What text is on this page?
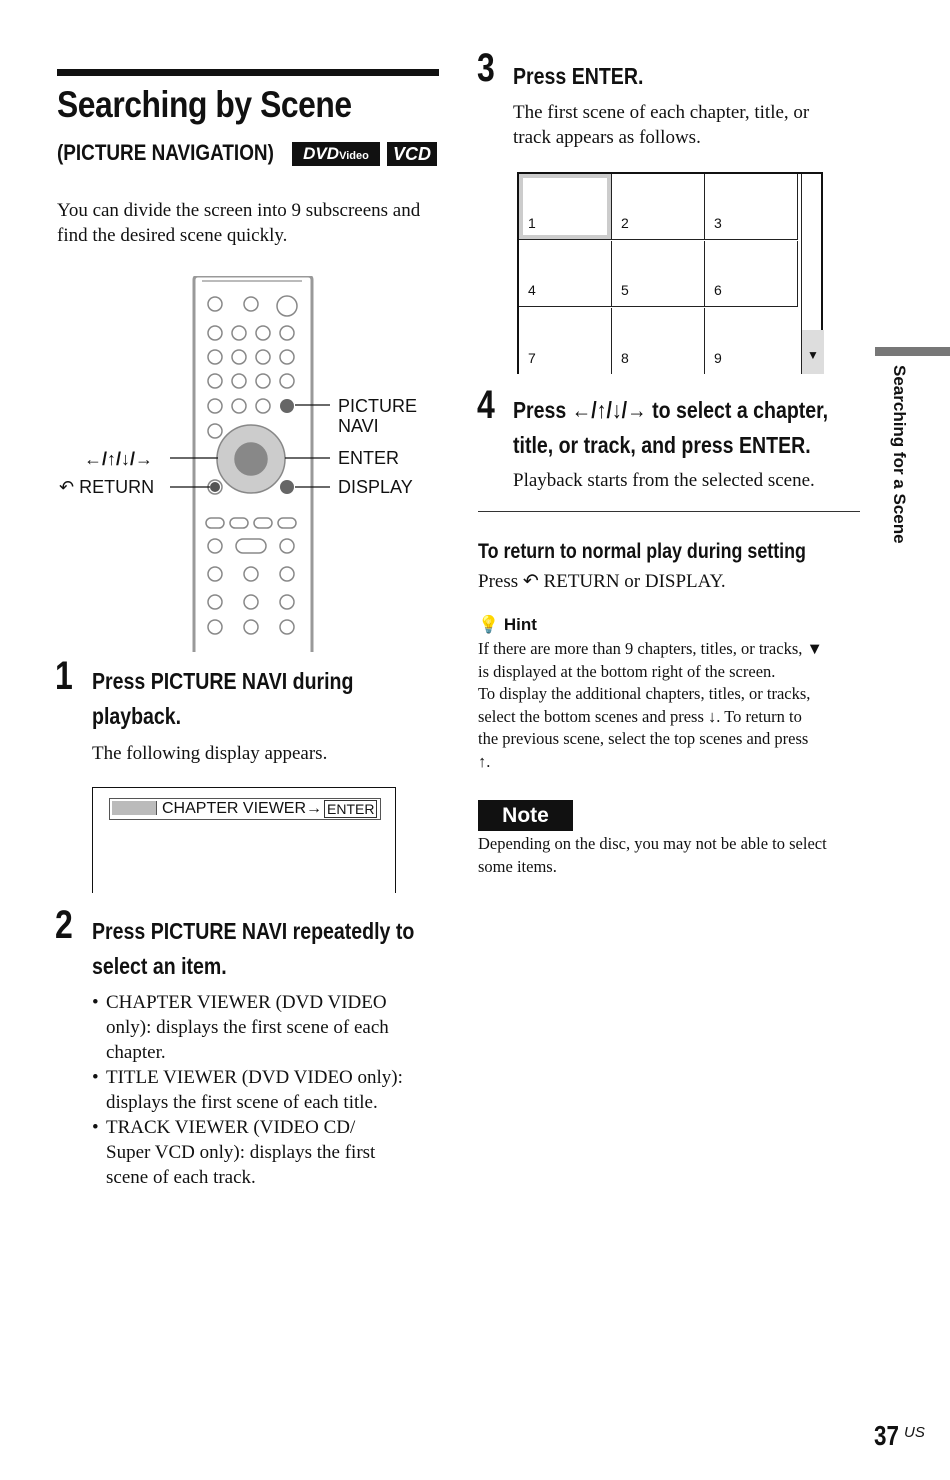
Searching by Scene
(PICTURE NAVIGATION)	DVDVideo	VCD
You can divide the screen into 9 subscreens and find the desired scene quickly.
PICTURE
NAVI
ENTER
DISPLAY
←/↑/↓/→
↶ RETURN
1 Press PICTURE NAVI during
playback.
The following display appears.
CHAPTER VIEWER→ ENTER
2 Press PICTURE NAVI repeatedly to
select an item.
• CHAPTER VIEWER (DVD VIDEO
only): displays the first scene of each
chapter.
• TITLE VIEWER (DVD VIDEO only):
displays the first scene of each title.
• TRACK VIEWER (VIDEO CD/
Super VCD only): displays the first
scene of each track.
3 Press ENTER.
The first scene of each chapter, title, or
track appears as follows.
1	2	3
4	5	6
7	8	9	▼
4 Press ←/↑/↓/→ to select a chapter,
title, or track, and press ENTER.
Playback starts from the selected scene.
To return to normal play during setting
Press ↶ RETURN or DISPLAY.
💡 Hint
If there are more than 9 chapters, titles, or tracks, ▼
is displayed at the bottom right of the screen.
To display the additional chapters, titles, or tracks,
select the bottom scenes and press ↓. To return to
the previous scene, select the top scenes and press
↑.
Note
Depending on the disc, you may not be able to select
some items.
Searching for a Scene
37 US
